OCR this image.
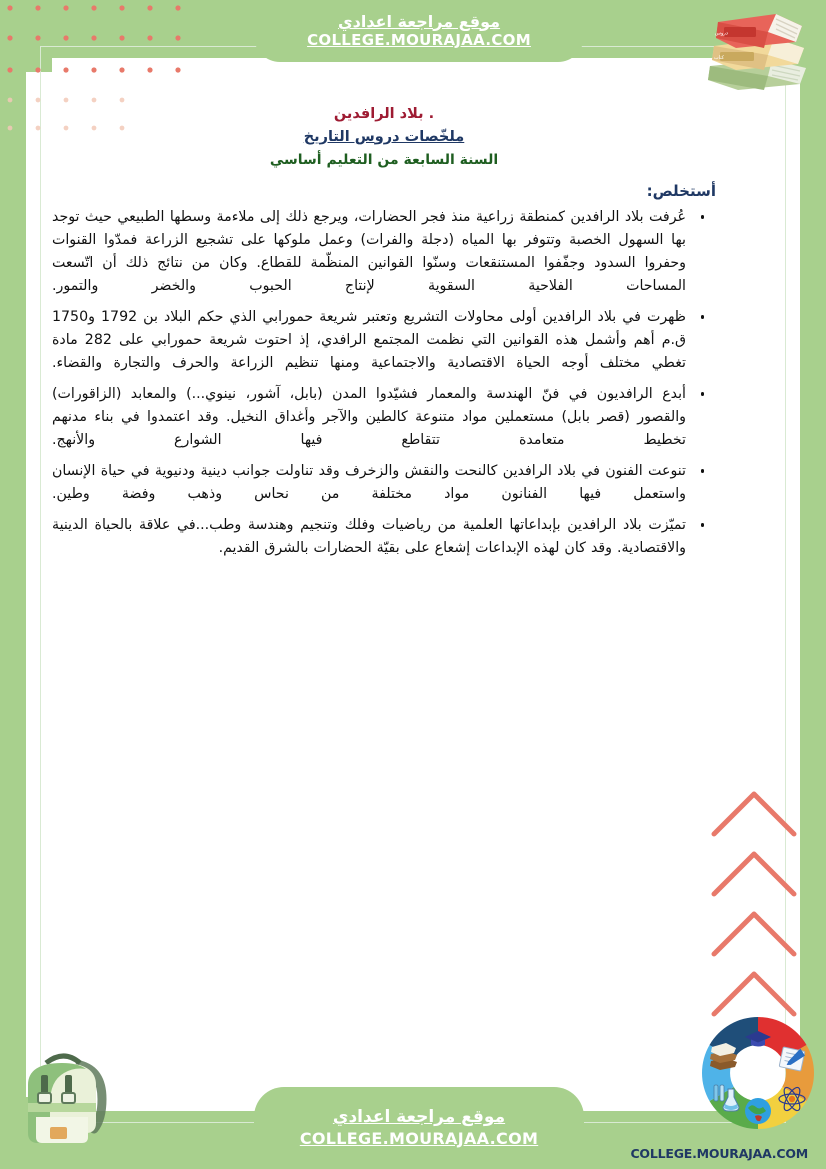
موقع مراجعة اعدادي
COLLEGE.MOURAJAA.COM
كتاب
دروس
. بلاد الرافدين
ملخّصات دروس التاريخ
السنة السابعة من التعليم أساسي
أستخلص:
عُرفت بلاد الرافدين كمنطقة زراعية منذ فجر الحضارات، ويرجع ذلك إلى ملاءمة وسطها الطبيعي حيث توجد بها السهول الخصبة وتتوفر بها المياه (دجلة والفرات) وعمل ملوكها على تشجيع الزراعة فمدّوا القنوات وحفروا السدود وجفّفوا المستنقعات وسنّوا القوانين المنظّمة للقطاع. وكان من نتائج ذلك أن اتّسعت المساحات الفلاحية السقوية لإنتاج الحبوب والخضر والتمور.
ظهرت في بلاد الرافدين أولى محاولات التشريع وتعتبر شريعة حمورابي الذي حكم البلاد بن 1792 و1750 ق.م أهم وأشمل هذه القوانين التي نظمت المجتمع الرافدي، إذ احتوت شريعة حمورابي على 282 مادة تغطي مختلف أوجه الحياة الاقتصادية والاجتماعية ومنها تنظيم الزراعة والحرف والتجارة والقضاء.
أبدع الرافديون في فنّ الهندسة والمعمار فشيّدوا المدن (بابل، آشور، نينوي...) والمعابد (الزاقورات) والقصور (قصر بابل) مستعملين مواد متنوعة كالطين والآجر وأغداق النخيل. وقد اعتمدوا في بناء مدنهم تخطيط متعامدة تتقاطع فيها الشوارع والأنهج.
تنوعت الفنون في بلاد الرافدين كالنحت والنقش والزخرف وقد تناولت جوانب دينية ودنيوية في حياة الإنسان واستعمل فيها الفنانون مواد مختلفة من نحاس وذهب وفضة وطين.
تميّزت بلاد الرافدين بإبداعاتها العلمية من رياضيات وفلك وتنجيم وهندسة وطب...في علاقة بالحياة الدينية والاقتصادية. وقد كان لهذه الإبداعات إشعاع على بقيّة الحضارات بالشرق القديم.
موقع مراجعة اعدادي
COLLEGE.MOURAJAA.COM
COLLEGE.MOURAJAA.COM
